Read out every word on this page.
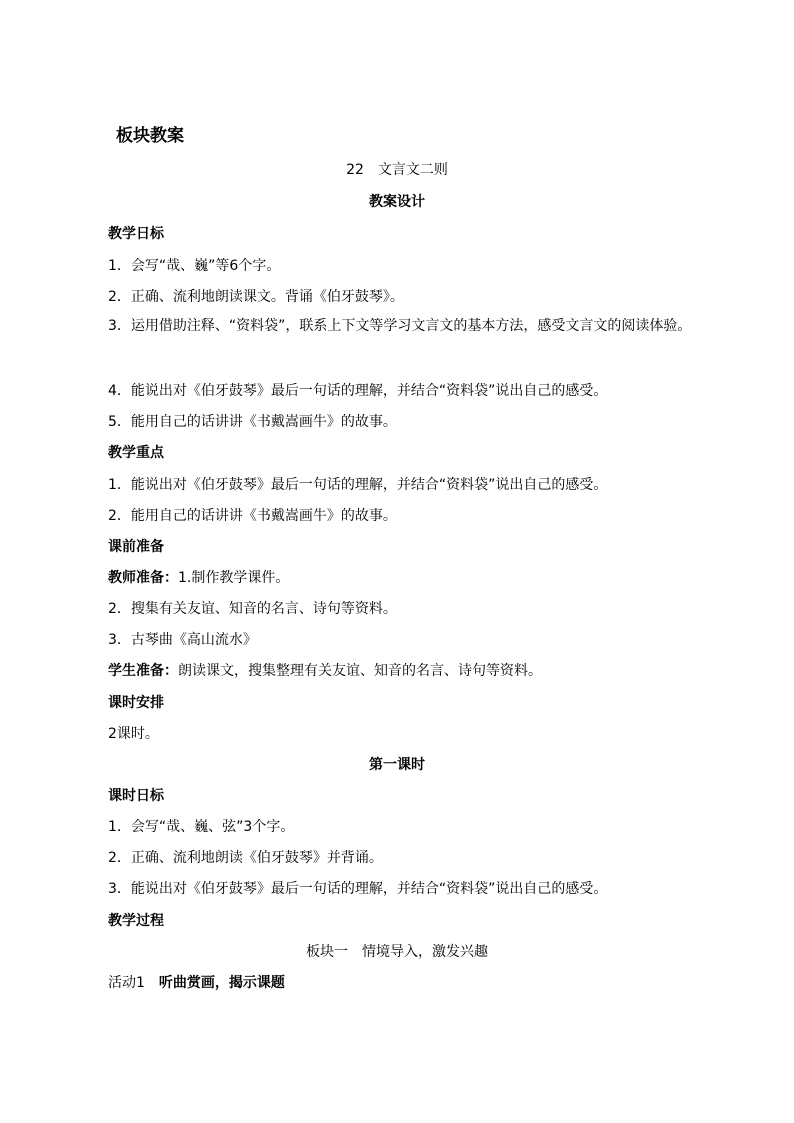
板块教案
22　文言文二则
教案设计
教学日标
1．会写“哉、巍”等6个字。
2．正确、流利地朗读课文。背诵《伯牙鼓琴》。
3．运用借助注释、“资料袋”，联系上下文等学习文言文的基本方法，感受文言文的阅读体验。
4．能说出对《伯牙鼓琴》最后一句话的理解，并结合“资料袋”说出自己的感受。
5．能用自己的话讲讲《书戴嵩画牛》的故事。
教学重点
1．能说出对《伯牙鼓琴》最后一句话的理解，并结合“资料袋”说出自己的感受。
2．能用自己的话讲讲《书戴嵩画牛》的故事。
课前准备
教师准备：1.制作教学课件。
2．搜集有关友谊、知音的名言、诗句等资料。
3．古琴曲《高山流水》
学生准备：朗读课文，搜集整理有关友谊、知音的名言、诗句等资料。
课时安排
2课时。
第一课时
课时日标
1．会写“哉、巍、弦”3个字。
2．正确、流利地朗读《伯牙鼓琴》并背诵。
3．能说出对《伯牙鼓琴》最后一句话的理解，并结合“资料袋”说出自己的感受。
教学过程
板块一　情境导入，激发兴趣
活动1　听曲赏画，揭示课题
